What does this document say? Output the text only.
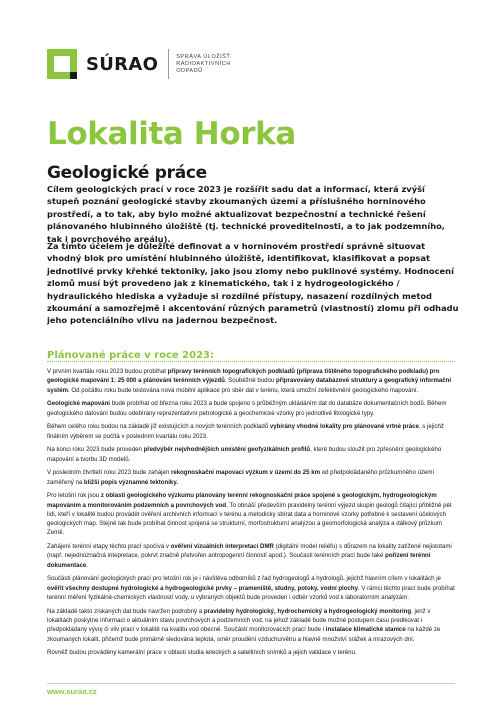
SÚRAO	SPRÁVA ÚLOŽIŠŤ
RADIOAKTIVNÍCH
ODPADŮ
Lokalita Horka
Geologické práce

Cílem geologických prací v roce 2023 je rozšířit sadu dat a informací, která zvýší stupeň poznání geologické stavby zkoumaných území a příslušného horninového prostředí, a to tak, aby bylo možné aktualizovat bezpečnostní a technické řešení plánovaného hlubinného úložiště (tj. technické proveditelnosti, a to jak podzemního, tak i povrchového areálu).

Za tímto účelem je důležité definovat a v horninovém prostředí správně situovat vhodný blok pro umístění hlubinného úložiště, identifikovat, klasifikovat a popsat jednotlivé prvky křehké tektoniky, jako jsou zlomy nebo puklinové systémy. Hodnocení zlomů musí být provedeno jak z kinematického, tak i z hydrogeologického / hydraulického hlediska a vyžaduje si rozdílné přístupy, nasazení rozdílných metod zkoumání a samozřejmě i akcentování různých parametrů (vlastností) zlomu při odhadu jeho potenciálního vlivu na jadernou bezpečnost.

Plánované práce v roce 2023:

V prvním kvartálu roku 2023 budou probíhat přípravy terénních topografických podkladů (příprava tištěného topografického podkladu) pro geologické mapování 1: 25 000 a plánování terénních výjezdů. Souběžně budou připravovány databázové struktury a geografický informační systém. Od počátku roku bude testována nová mobilní aplikace pro sběr dat v terénu, která umožní zefektivnění geologického mapování.

Geologické mapování bude probíhat od března roku 2023 a bude spojeno s průběžným ukládáním dat do databáze dokumentačních bodů. Během geologického datování budou odebírány reprezentativní petrologické a geochemické vzorky pro jednotlivé litologické typy.

Během celého roku budou na základě již existujících a nových terénních podkladů vybírány vhodné lokality pro plánované vrtné práce, s jejichž finálním výběrem se počítá v posledním kvartálu roku 2023.

Na konci roku 2023 bude proveden předvýběr nejvhodnějších umístění geofyzikálních profilů, které budou sloužit pro zpřesnění geologického mapování a tvorbu 3D modelů.

V posledním čtvrtletí roku 2023 bude zahájen rekognoskační mapovací výzkum v území do 25 km od předpokládaného průzkumného území zaměřený na bližší popis významné tektoniky.

Pro letošní rok jsou z oblasti geologického výzkumu plánovány terénní rekognoskační práce spojené s geologickým, hydrogeologickým mapováním a monitorováním podzemních a povrchových vod. To obnáší především pravidelný terénní výjezd skupin geologů čítající přibližně pět lidí, kteří v lokalitě budou provádět ověření archivních informací v terénu a metodicky sbírat data a horninové vzorky potřebné k sestavení účelových geologických map. Stejně tak bude probíhat činnost spojená se strukturní, morfostrukturní analýzou a geomorfologická analýza a dálkový průzkum Země.

Zahájení terénní etapy těchto prací spočívá v ověření vizuálních interpretací DMR (digitální model reliéfu) s důrazem na lokality zatížené nejistotami (např. nejednoznačná intepretace, pokrvt značně přetvořen antropogenní činností apod.). Současti terénních prací bude také pořízení terénní dokumentace.

Součástí plánování geologických prací pro letošní rok je i návštěva odborníků z řad hydrogeologů a hydrologů, jejichž hlavním cílem v lokalitách je ověřit všechny dostupné hydrologické a hydrogeologické prvky – prameniště, studny, potoky, vodní plochy. V rámci těchto prací bude probíhat terénní měření fyzikálně-chemických vlastností vody, u vybraných objektů bude proveden i odběr vzorků vod k laboratorním analýzám.

Na základě takto získaných dat bude navržen podrobný a pravidelný hydrologický, hydrochemický a hydrogeologický monitoring, jenž v lokalitách poskytne informaci o aktuálním stavu povrchových a podzemních vod, na jehož základě bude možné postupem času predikovat i předpokládaný vývoj či vliv prací v lokalitě na kvalitu vod obecně. Součástí monitorovacích prací bude i instalace klimatické stanice na každé ze zkoumaných lokalit, přičemž bude primárně sledována teplota, směr proudění vzduchu/větru a hlavně množství srážek a mrazových dní.

Rovněž budou prováděny kamerální práce v oblasti studia leteckých a satelitních snímků a jejich validace v terénu.

www.surao.cz
